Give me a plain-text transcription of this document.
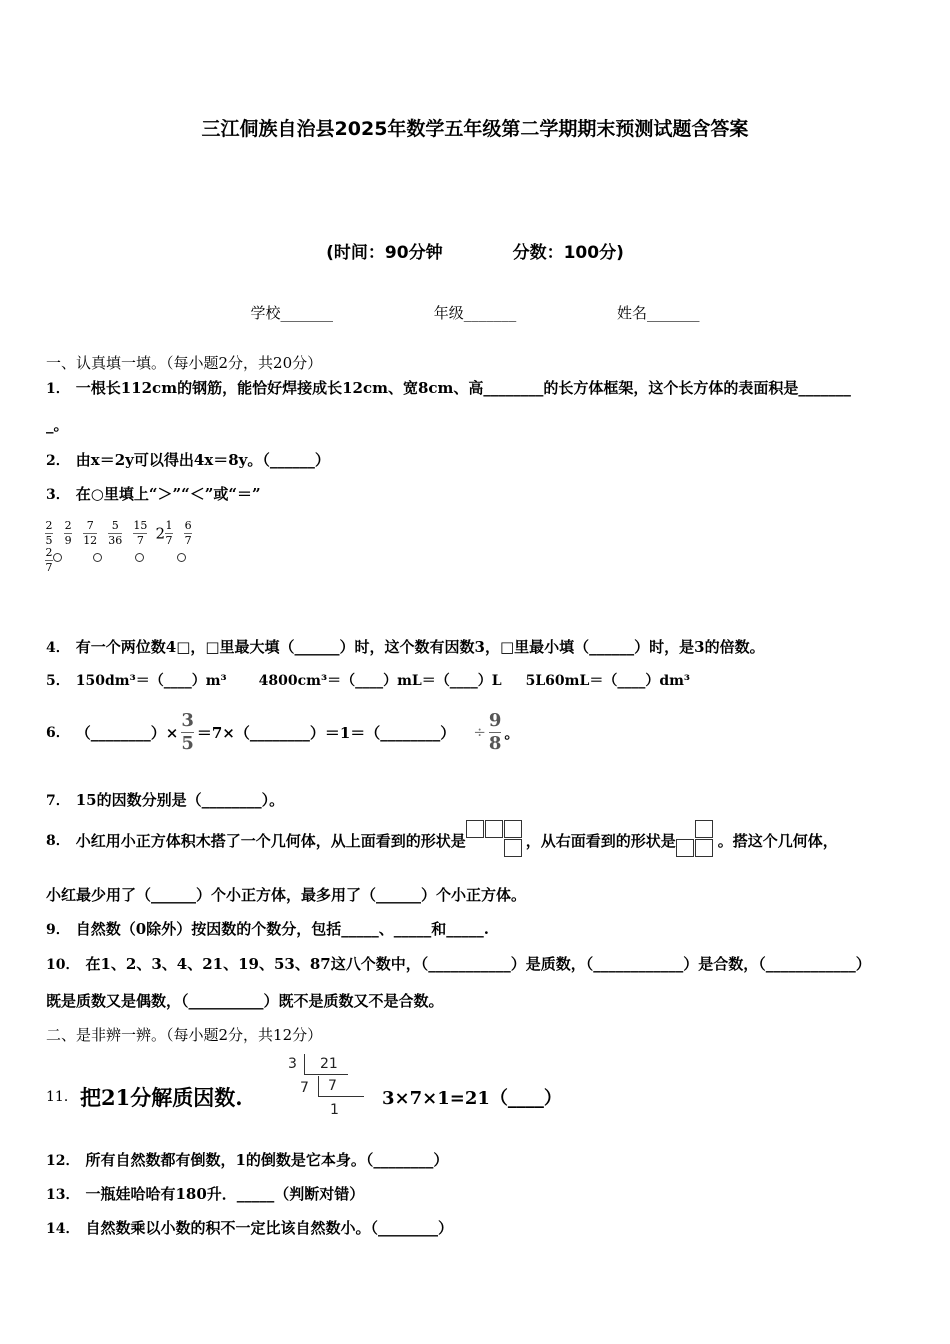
三江侗族自治县2025年数学五年级第二学期期末预测试题含答案
(时间：90分钟	分数：100分)
学校_______	年级_______	姓名_______
一、认真填一填。（每小题2分，共20分）
1． 一根长112cm的钢筋，能恰好焊接成长12cm、宽8cm、高________的长方体框架，这个长方体的表面积是_______
_。
2． 由x＝2y可以得出4x＝8y。（______）
3． 在○里填上“＞”“＜”或“＝”
$\frac{2}{5}$
$\frac{2}{9}$
$\frac{7}{12}$
$\frac{5}{36}$
$\frac{15}{7} 2 \frac{1}{7}$
$\frac{6}{7}$

$\frac{2}{7}$
4． 有一个两位数4□，□里最大填（______）时，这个数有因数3，□里最小填（______）时，是3的倍数。
5． 150dm³＝（____）m³ 4800cm³＝（____）mL＝（____）L 5L60mL＝（____）dm³
6． （________）× $\frac{3}{5}$ ＝7×（________）＝1＝（________） ÷ $\frac{9}{8}$ 。
7． 15的因数分别是（________）。
8． 小红用小正方体积木搭了一个几何体，从上面看到的形状是	，从右面看到的形状是	。搭这个几何体，
小红最少用了（______）个小正方体，最多用了（______）个小正方体。
9． 自然数（0除外）按因数的个数分，包括_____、_____和_____.
10． 在1、2、3、4、21、19、53、87这八个数中，（___________）是质数，（____________）是合数，（____________）
既是质数又是偶数，（__________）既不是质数又不是合数。
二、是非辨一辨。（每小题2分，共12分）
11． 把21分解质因数.
3 21
7 7
1
3×7×1=21（____）
12． 所有自然数都有倒数，1的倒数是它本身。（________）
13． 一瓶娃哈哈有180升．_____（判断对错）
14． 自然数乘以小数的积不一定比该自然数小。（________）
